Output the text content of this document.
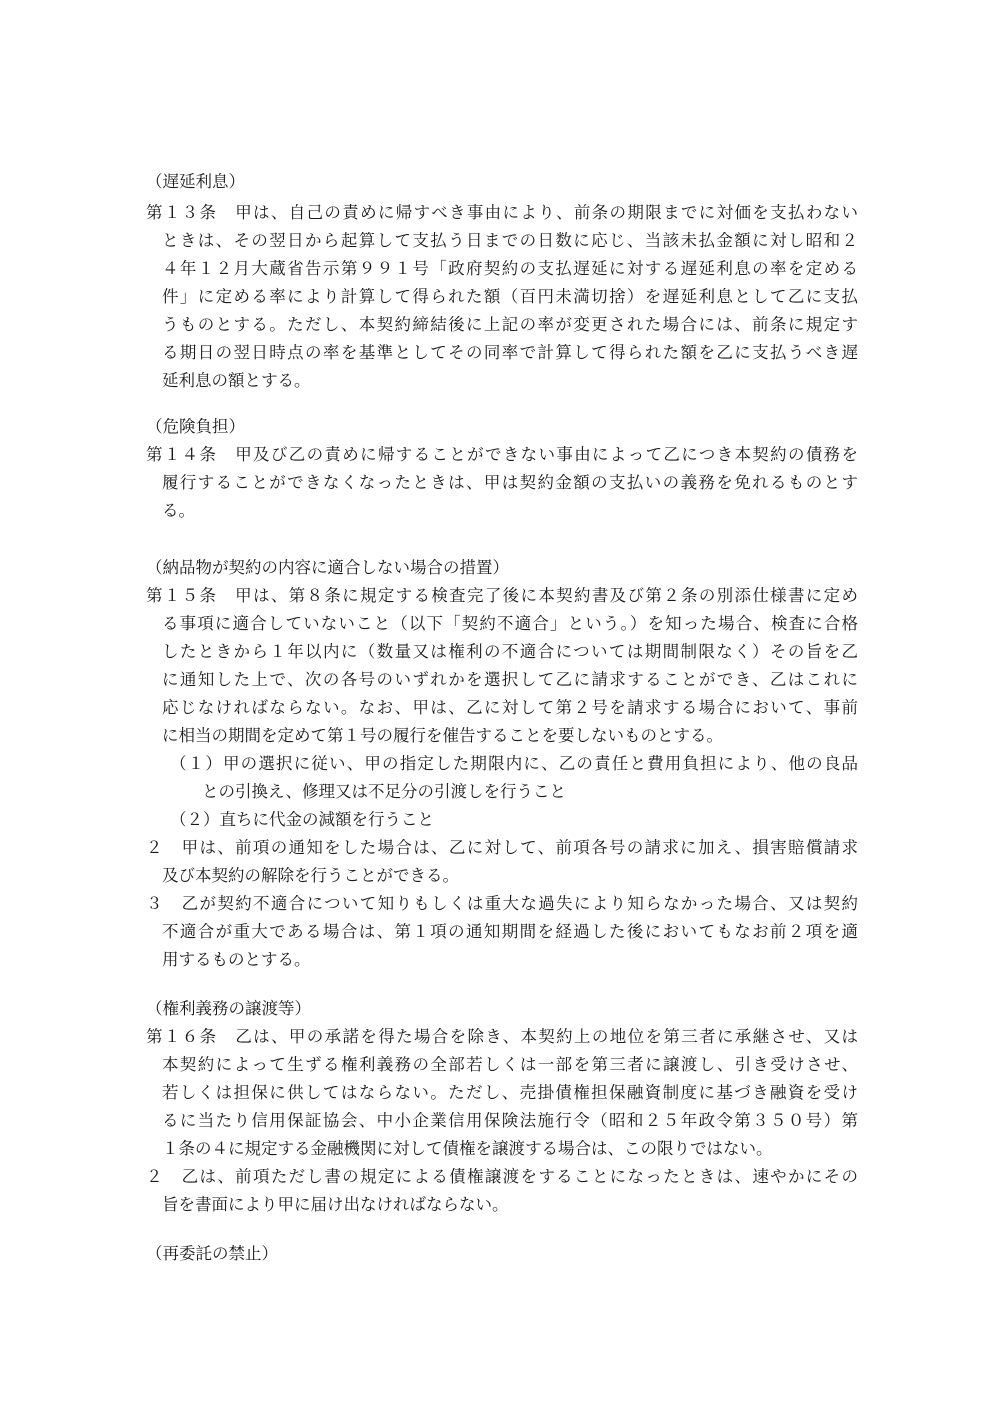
（遅延利息）
第１３条　甲は、自己の責めに帰すべき事由により、前条の期限までに対価を支払わない
ときは、その翌日から起算して支払う日までの日数に応じ、当該未払金額に対し昭和２
４年１２月大蔵省告示第９９１号「政府契約の支払遅延に対する遅延利息の率を定める
件」に定める率により計算して得られた額（百円未満切捨）を遅延利息として乙に支払
うものとする。ただし、本契約締結後に上記の率が変更された場合には、前条に規定す
る期日の翌日時点の率を基準としてその同率で計算して得られた額を乙に支払うべき遅
延利息の額とする。
（危険負担）
第１４条　甲及び乙の責めに帰することができない事由によって乙につき本契約の債務を
履行することができなくなったときは、甲は契約金額の支払いの義務を免れるものとす
る。
（納品物が契約の内容に適合しない場合の措置）
第１５条　甲は、第８条に規定する検査完了後に本契約書及び第２条の別添仕様書に定め
る事項に適合していないこと（以下「契約不適合」という。）を知った場合、検査に合格
したときから１年以内に（数量又は権利の不適合については期間制限なく）その旨を乙
に通知した上で、次の各号のいずれかを選択して乙に請求することができ、乙はこれに
応じなければならない。なお、甲は、乙に対して第２号を請求する場合において、事前
に相当の期間を定めて第１号の履行を催告することを要しないものとする。
（１）甲の選択に従い、甲の指定した期限内に、乙の責任と費用負担により、他の良品
との引換え、修理又は不足分の引渡しを行うこと
（２）直ちに代金の減額を行うこと
２　甲は、前項の通知をした場合は、乙に対して、前項各号の請求に加え、損害賠償請求
及び本契約の解除を行うことができる。
３　乙が契約不適合について知りもしくは重大な過失により知らなかった場合、又は契約
不適合が重大である場合は、第１項の通知期間を経過した後においてもなお前２項を適
用するものとする。
（権利義務の譲渡等）
第１６条　乙は、甲の承諾を得た場合を除き、本契約上の地位を第三者に承継させ、又は
本契約によって生ずる権利義務の全部若しくは一部を第三者に譲渡し、引き受けさせ、
若しくは担保に供してはならない。ただし、売掛債権担保融資制度に基づき融資を受け
るに当たり信用保証協会、中小企業信用保険法施行令（昭和２５年政令第３５０号）第
１条の４に規定する金融機関に対して債権を譲渡する場合は、この限りではない。
２　乙は、前項ただし書の規定による債権譲渡をすることになったときは、速やかにその
旨を書面により甲に届け出なければならない。
（再委託の禁止）
